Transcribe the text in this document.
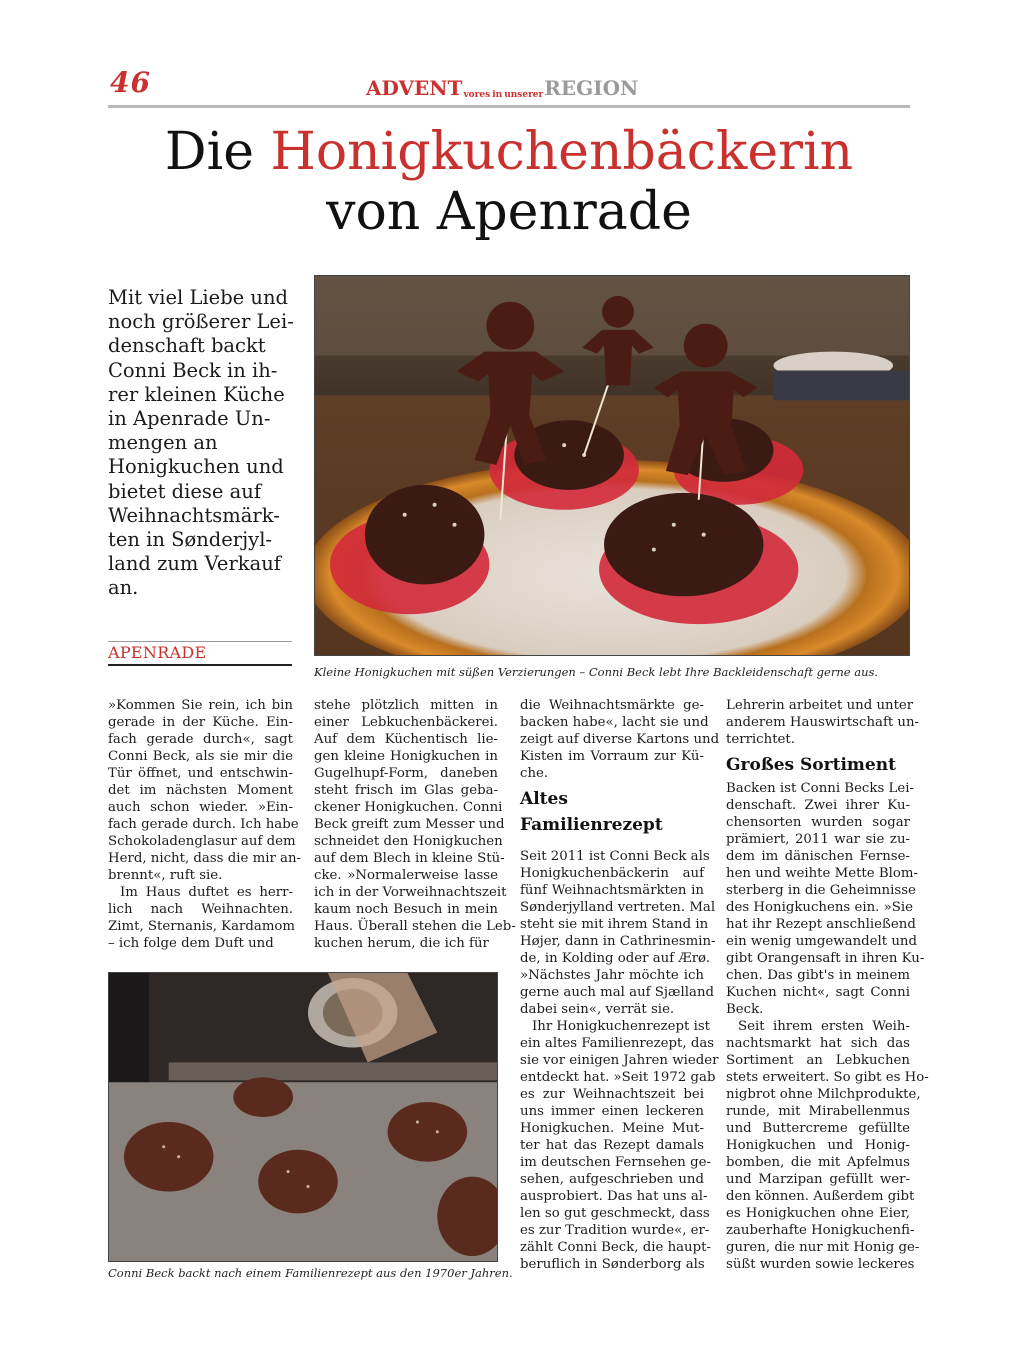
46	ADVENT vores in unserer REGION
Die Honigkuchenbäckerin
von Apenrade
Mit viel Liebe und
noch größerer Lei-
denschaft backt
Conni Beck in ih-
rer kleinen Küche
in Apenrade Un-
mengen an
Honigkuchen und
bietet diese auf
Weihnachtsmärk-
ten in Sønderjyl-
land zum Verkauf
an.
APENRADE
Kleine Honigkuchen mit süßen Verzierungen – Conni Beck lebt Ihre Backleidenschaft gerne aus.
Conni Beck backt nach einem Familienrezept aus den 1970er Jahren.
»Kommen Sie rein, ich bin
gerade in der Küche. Ein-
fach gerade durch«, sagt
Conni Beck, als sie mir die
Tür öffnet, und entschwin-
det im nächsten Moment
auch schon wieder. »Ein-
fach gerade durch. Ich habe
Schokoladenglasur auf dem
Herd, nicht, dass die mir an-
brennt«, ruft sie.
Im Haus duftet es herr-
lich nach Weihnachten.
Zimt, Sternanis, Kardamom
– ich folge dem Duft und
stehe plötzlich mitten in
einer Lebkuchenbäckerei.
Auf dem Küchentisch lie-
gen kleine Honigkuchen in
Gugelhupf-Form, daneben
steht frisch im Glas geba-
ckener Honigkuchen. Conni
Beck greift zum Messer und
schneidet den Honigkuchen
auf dem Blech in kleine Stü-
cke. »Normalerweise lasse
ich in der Vorweihnachtszeit
kaum noch Besuch in mein
Haus. Überall stehen die Leb-
kuchen herum, die ich für
die Weihnachtsmärkte ge-
backen habe«, lacht sie und
zeigt auf diverse Kartons und
Kisten im Vorraum zur Kü-
che.
Altes
Familienrezept
Seit 2011 ist Conni Beck als
Honigkuchenbäckerin auf
fünf Weihnachtsmärkten in
Sønderjylland vertreten. Mal
steht sie mit ihrem Stand in
Højer, dann in Cathrinesmin-
de, in Kolding oder auf Ærø.
»Nächstes Jahr möchte ich
gerne auch mal auf Sjælland
dabei sein«, verrät sie.
Ihr Honigkuchenrezept ist
ein altes Familienrezept, das
sie vor einigen Jahren wieder
entdeckt hat. »Seit 1972 gab
es zur Weihnachtszeit bei
uns immer einen leckeren
Honigkuchen. Meine Mut-
ter hat das Rezept damals
im deutschen Fernsehen ge-
sehen, aufgeschrieben und
ausprobiert. Das hat uns al-
len so gut geschmeckt, dass
es zur Tradition wurde«, er-
zählt Conni Beck, die haupt-
beruflich in Sønderborg als
Lehrerin arbeitet und unter
anderem Hauswirtschaft un-
terrichtet.
Großes Sortiment
Backen ist Conni Becks Lei-
denschaft. Zwei ihrer Ku-
chensorten wurden sogar
prämiert, 2011 war sie zu-
dem im dänischen Fernse-
hen und weihte Mette Blom-
sterberg in die Geheimnisse
des Honigkuchens ein. »Sie
hat ihr Rezept anschließend
ein wenig umgewandelt und
gibt Orangensaft in ihren Ku-
chen. Das gibt's in meinem
Kuchen nicht«, sagt Conni
Beck.
Seit ihrem ersten Weih-
nachtsmarkt hat sich das
Sortiment an Lebkuchen
stets erweitert. So gibt es Ho-
nigbrot ohne Milchprodukte,
runde, mit Mirabellenmus
und Buttercreme gefüllte
Honigkuchen und Honig-
bomben, die mit Apfelmus
und Marzipan gefüllt wer-
den können. Außerdem gibt
es Honigkuchen ohne Eier,
zauberhafte Honigkuchenfi-
guren, die nur mit Honig ge-
süßt wurden sowie leckeres
